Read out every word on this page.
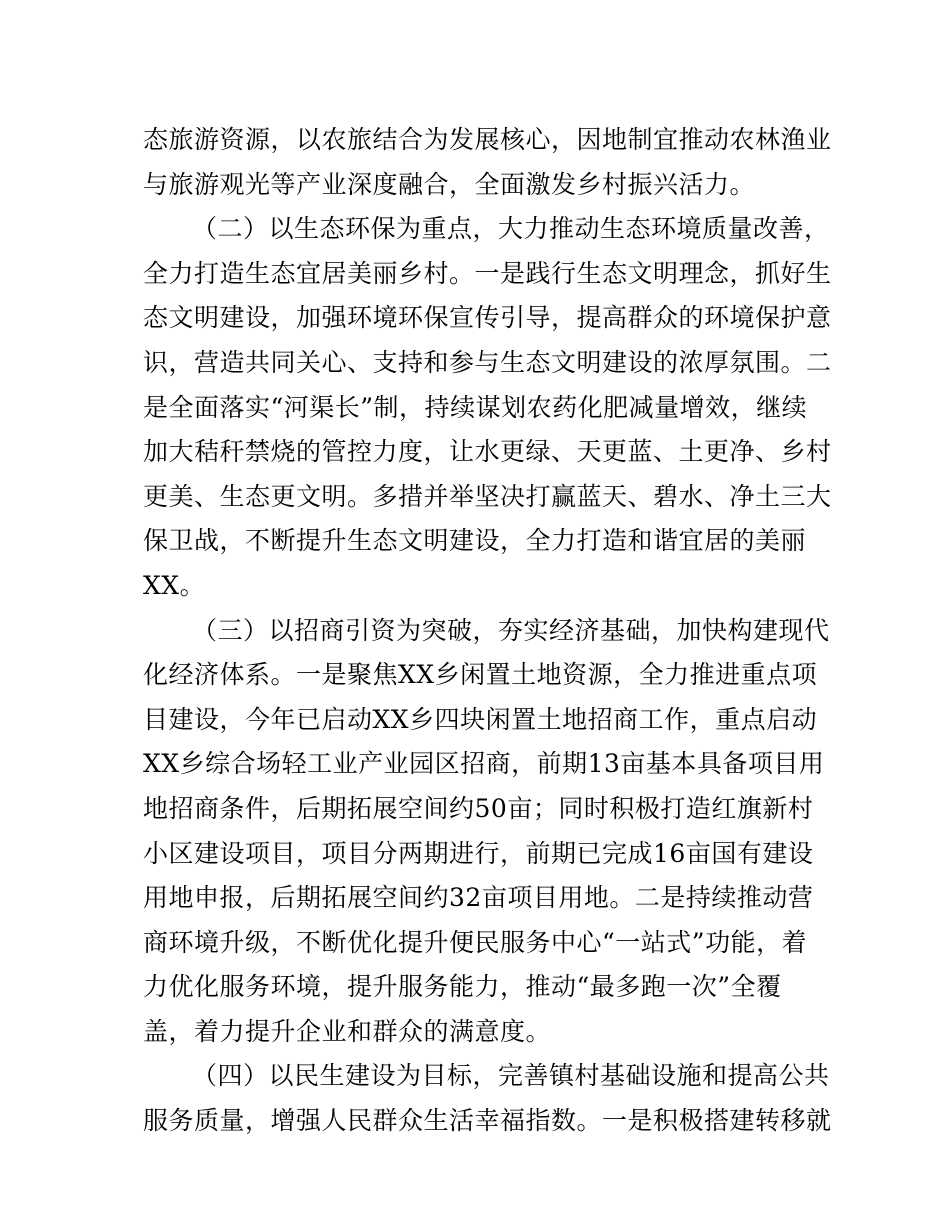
态旅游资源，以农旅结合为发展核心，因地制宜推动农林渔业
与旅游观光等产业深度融合，全面激发乡村振兴活力。
（二）以生态环保为重点，大力推动生态环境质量改善，
全力打造生态宜居美丽乡村。一是践行生态文明理念，抓好生
态文明建设，加强环境环保宣传引导，提高群众的环境保护意
识，营造共同关心、支持和参与生态文明建设的浓厚氛围。二
是全面落实“河渠长”制，持续谋划农药化肥减量增效，继续
加大秸秆禁烧的管控力度，让水更绿、天更蓝、土更净、乡村
更美、生态更文明。多措并举坚决打赢蓝天、碧水、净土三大
保卫战，不断提升生态文明建设，全力打造和谐宜居的美丽
XX。
（三）以招商引资为突破，夯实经济基础，加快构建现代
化经济体系。一是聚焦XX乡闲置土地资源，全力推进重点项
目建设，今年已启动XX乡四块闲置土地招商工作，重点启动
XX乡综合场轻工业产业园区招商，前期13亩基本具备项目用
地招商条件，后期拓展空间约50亩；同时积极打造红旗新村
小区建设项目，项目分两期进行，前期已完成16亩国有建设
用地申报，后期拓展空间约32亩项目用地。二是持续推动营
商环境升级，不断优化提升便民服务中心“一站式”功能，着
力优化服务环境，提升服务能力，推动“最多跑一次”全覆
盖，着力提升企业和群众的满意度。
（四）以民生建设为目标，完善镇村基础设施和提高公共
服务质量，增强人民群众生活幸福指数。一是积极搭建转移就
